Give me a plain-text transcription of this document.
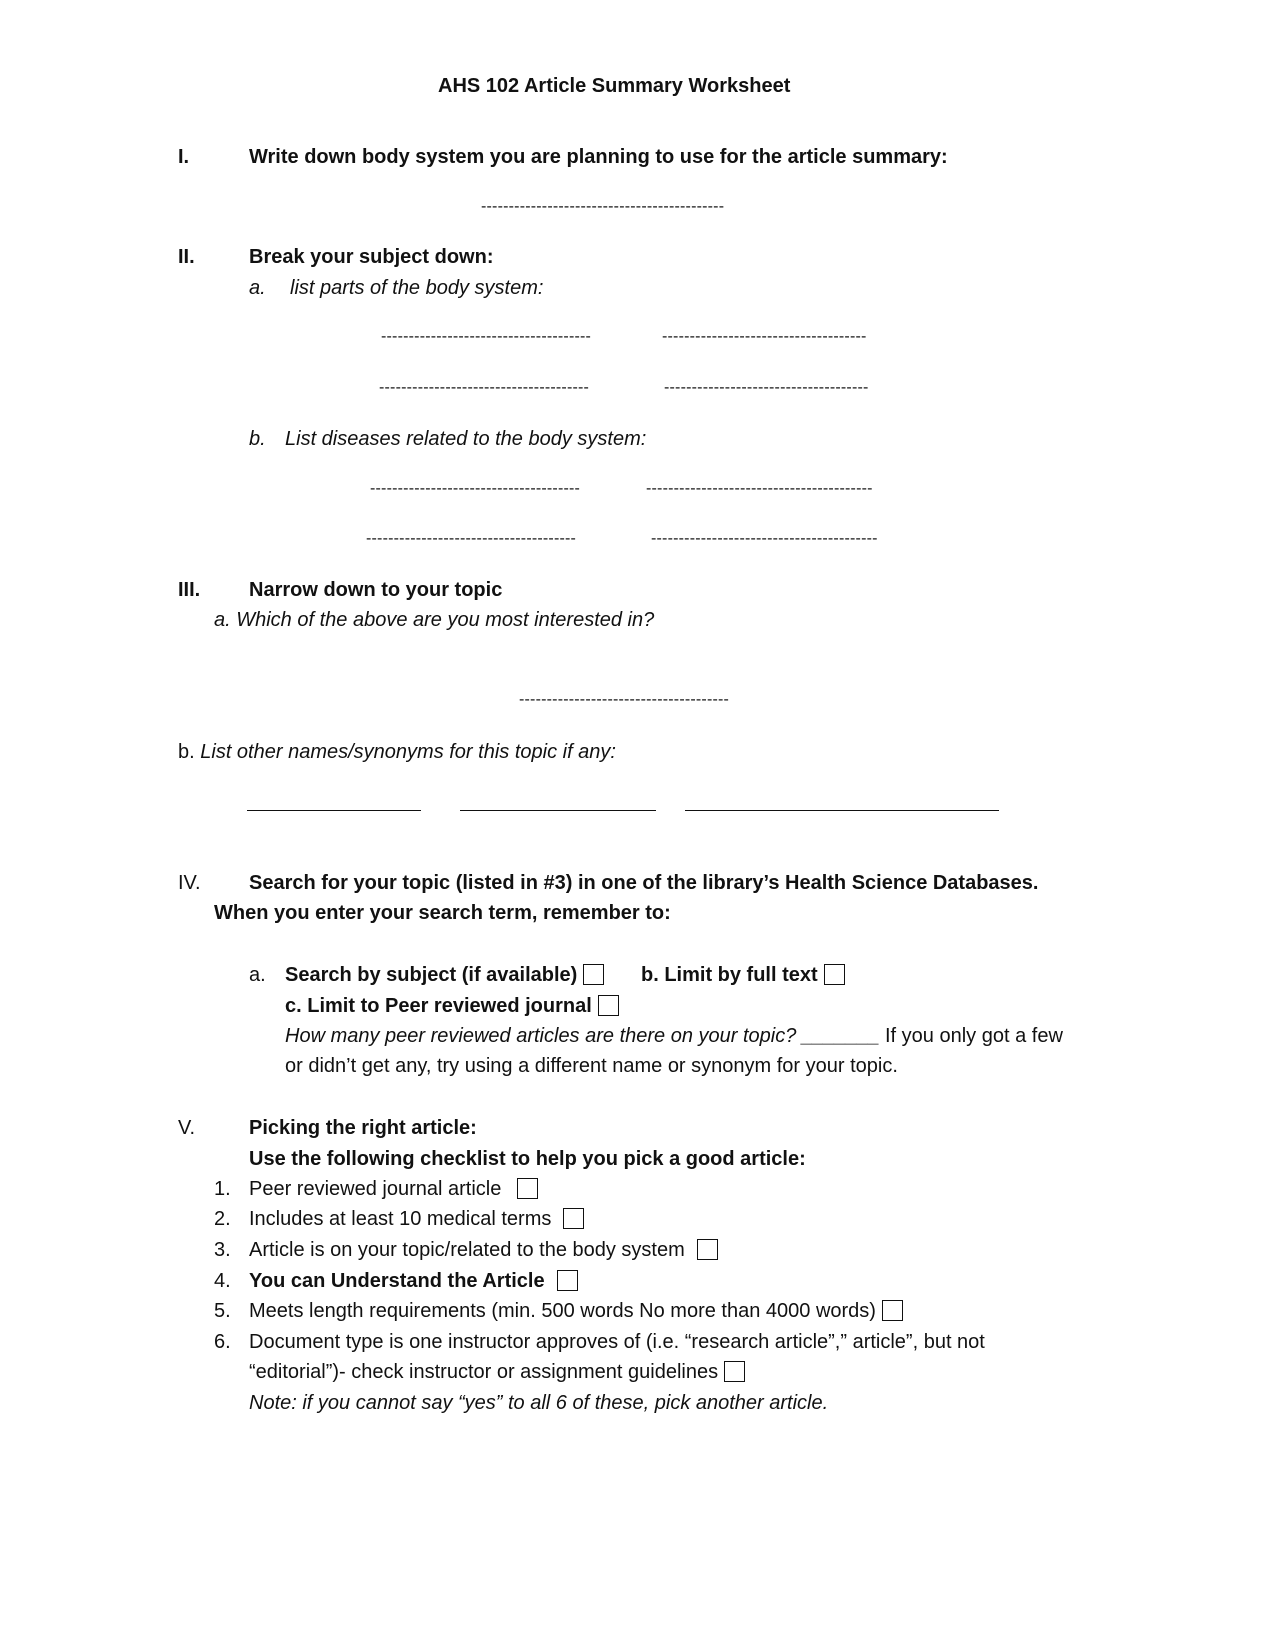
AHS 102 Article Summary Worksheet
I.	Write down body system you are planning to use for the article summary:
--------------------------------------------
II.	Break your subject down:
a. list parts of the body system:
--------------------------------------	-------------------------------------
--------------------------------------	-------------------------------------
b. List diseases related to the body system:
--------------------------------------	-----------------------------------------
--------------------------------------	-----------------------------------------
III. Narrow down to your topic
a. Which of the above are you most interested in?
--------------------------------------
b. List other names/synonyms for this topic if any:
IV. Search for your topic (listed in #3) in one of the library’s Health Science Databases.
When you enter your search term, remember to:
a. Search by subject (if available)	b. Limit by full text
c. Limit to Peer reviewed journal
How many peer reviewed articles are there on your topic? _______ If you only got a few
or didn’t get any, try using a different name or synonym for your topic.
V.	Picking the right article:
Use the following checklist to help you pick a good article:
1. Peer reviewed journal article
2. Includes at least 10 medical terms
3. Article is on your topic/related to the body system
4. You can Understand the Article
5. Meets length requirements (min. 500 words No more than 4000 words)
6. Document type is one instructor approves of (i.e. “research article”,” article”, but not
“editorial”)- check instructor or assignment guidelines
Note: if you cannot say “yes” to all 6 of these, pick another article.
